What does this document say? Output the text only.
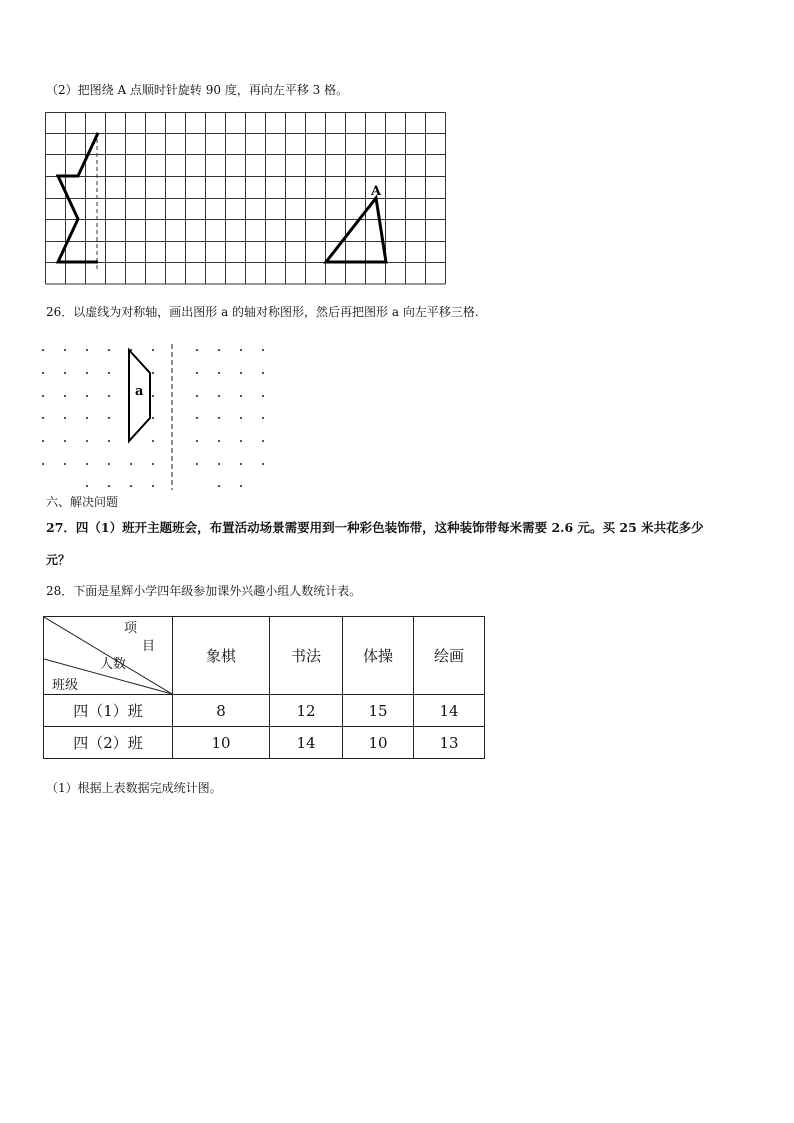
（2）把图绕 A 点顺时针旋转 90 度，再向左平移 3 格。
A
26．以虚线为对称轴，画出图形 a 的轴对称图形，然后再把图形 a 向左平移三格.
a
六、解决问题
27．四（1）班开主题班会，布置活动场景需要用到一种彩色装饰带，这种装饰带每米需要 2.6 元。买 25 米共花多少
元？
28．下面是星辉小学四年级参加课外兴趣小组人数统计表。
项
目
人数
班级	象棋	书法	体操	绘画
四（1）班	8	12	15	14
四（2）班	10	14	10	13
（1）根据上表数据完成统计图。
